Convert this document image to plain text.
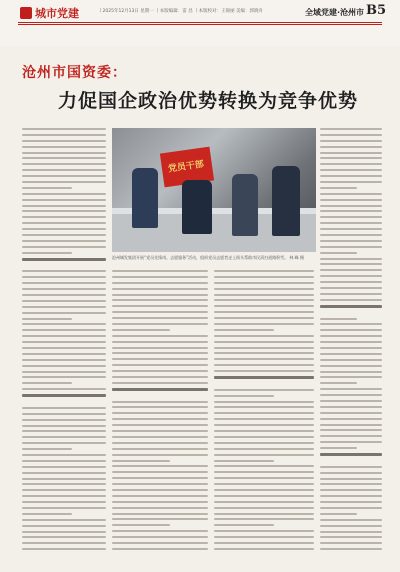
城市党建	丨2025年12月13日 星期一 丨本版编辑：雷 昌 丨本版校对：王锦丽 美编：郭晓舟	全域党建·沧州市 B5
沧州市国资委：
力促国企政治优势转换为竞争优势
党员干部
沧州城发集团开展“党员先锋岗、志愿服务”活动，组织党员志愿者走上街头帮助市民清扫道路积雪。 林 峰 摄
